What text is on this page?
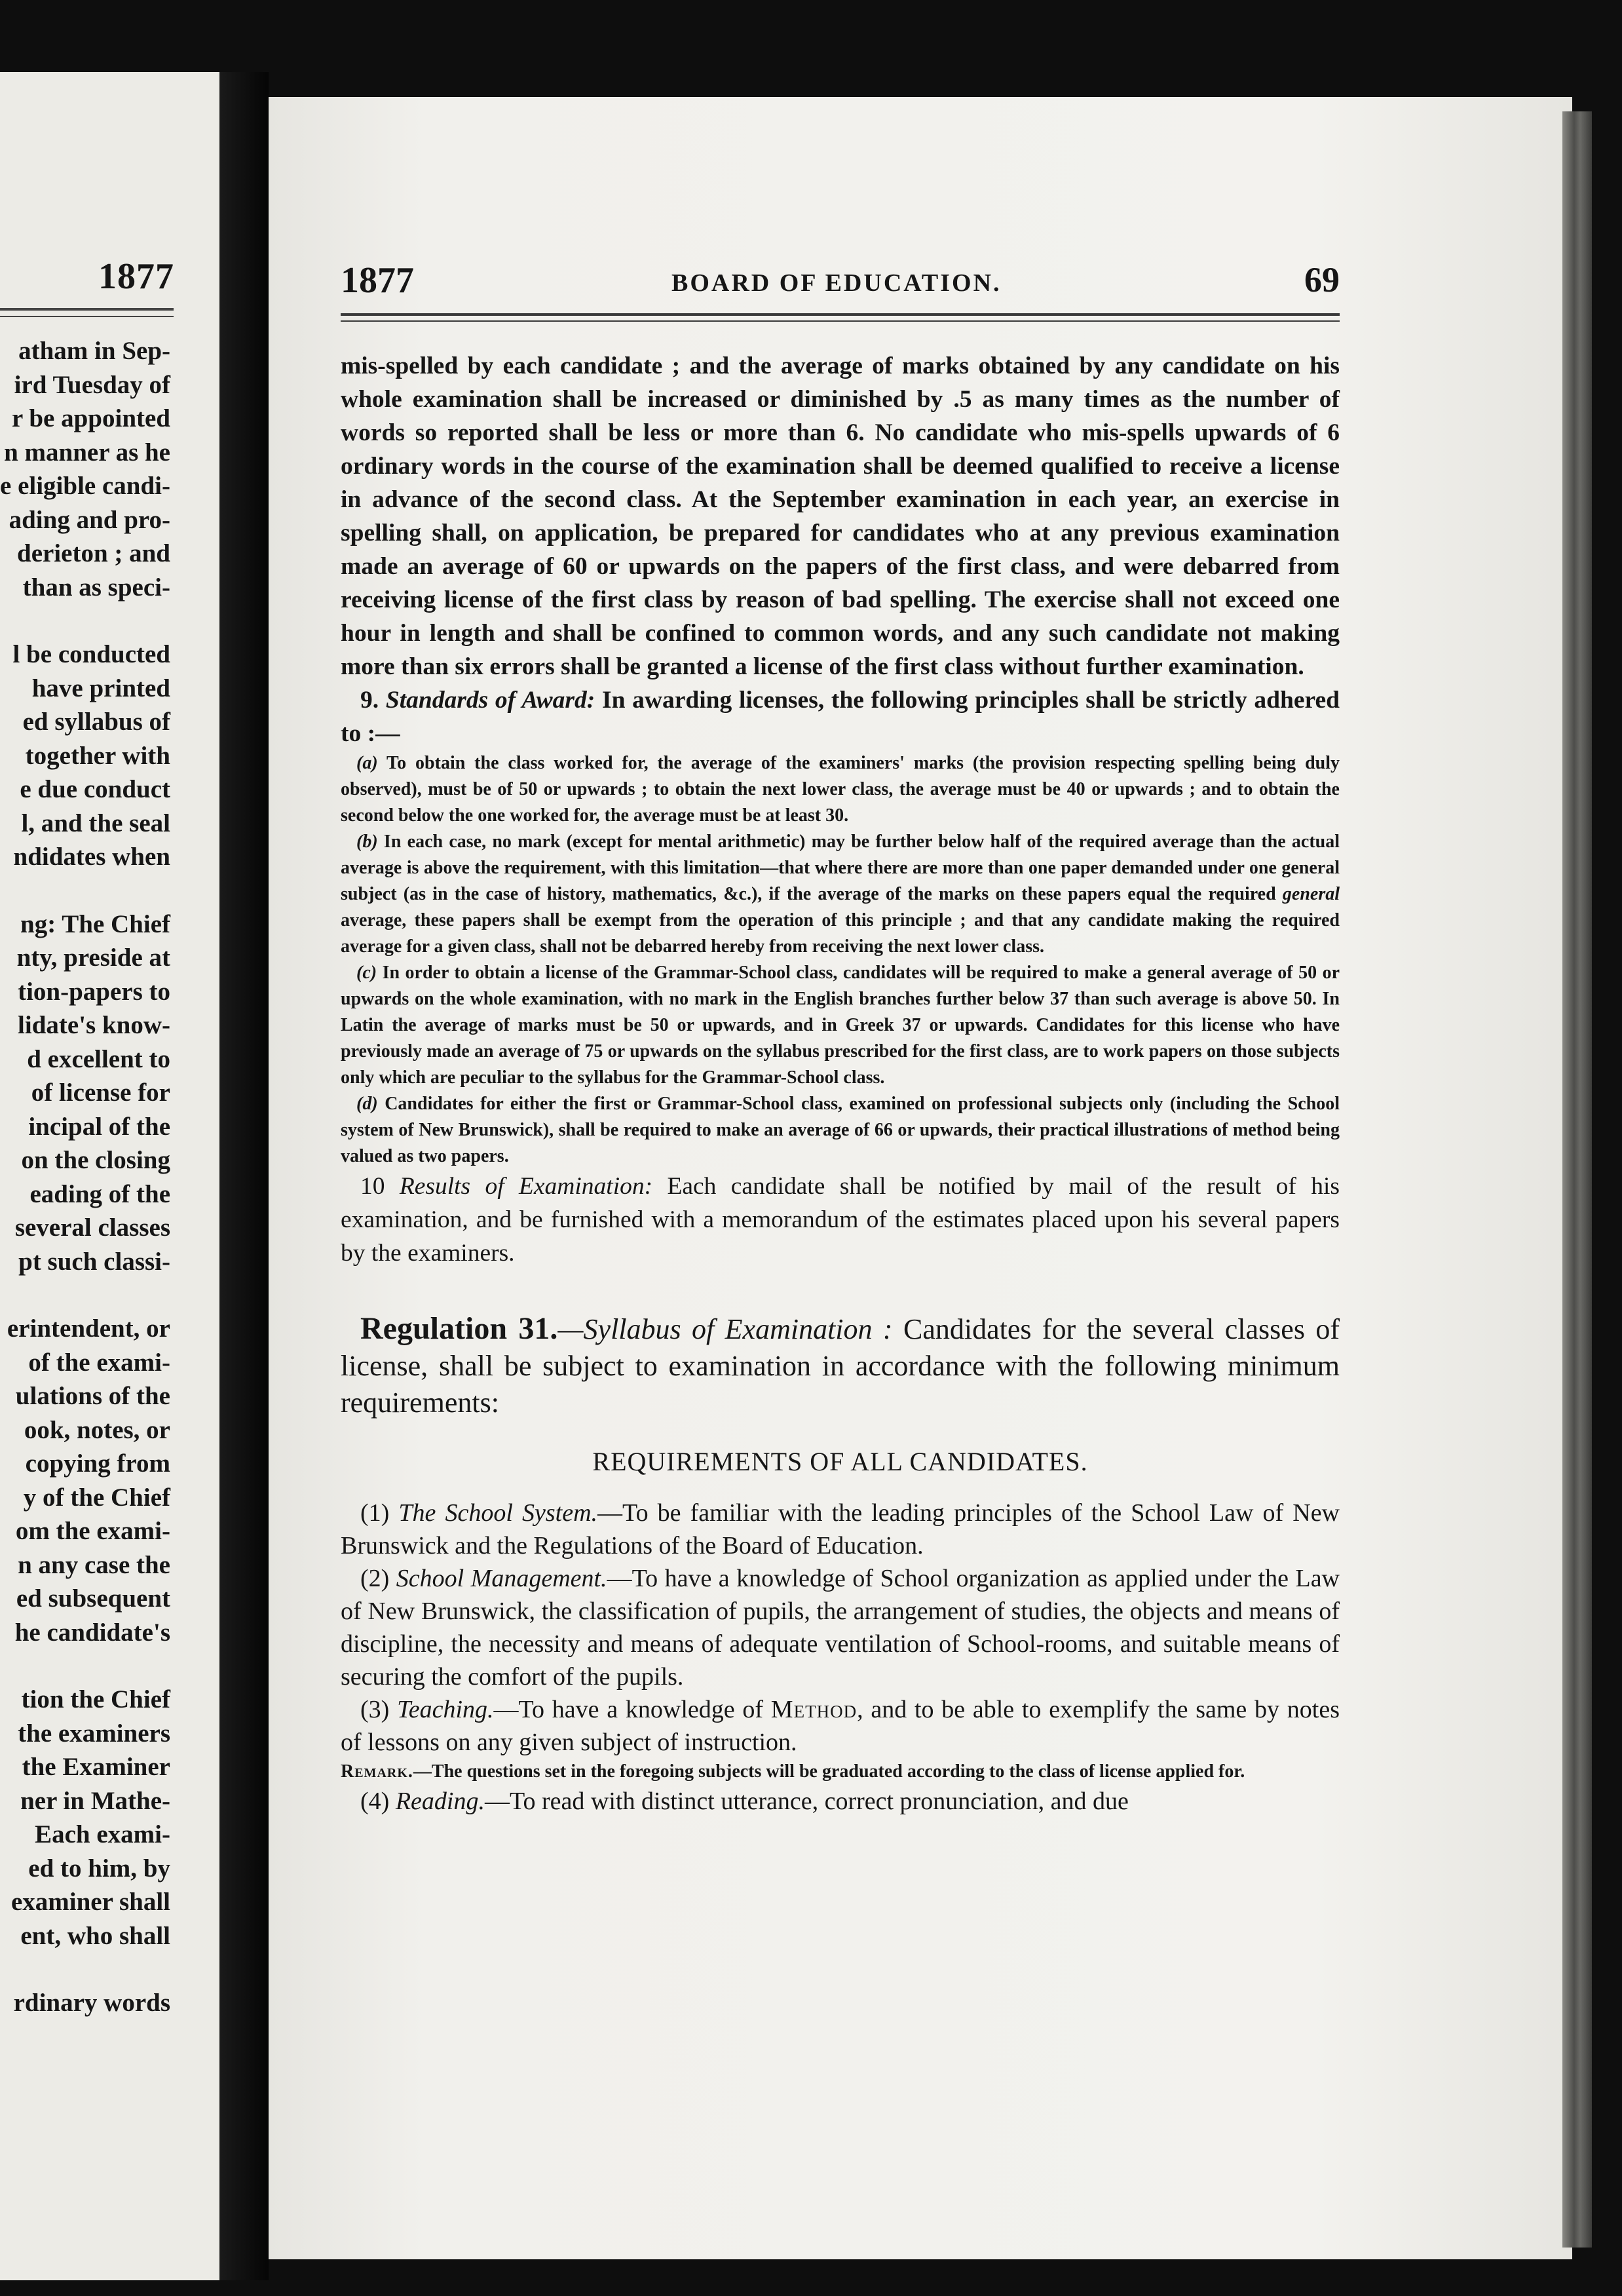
1877
atham in Sep-
ird Tuesday of
r be appointed
n manner as he
e eligible candi-
ading and pro-
derieton ; and
than as speci-
l be conducted
have printed
ed syllabus of
together with
e due conduct
l, and the seal
ndidates when
ng: The Chief
nty, preside at
tion-papers to
lidate's know-
d excellent to
of license for
incipal of the
on the closing
eading of the
several classes
pt such classi-
erintendent, or
of the exami-
ulations of the
ook, notes, or
copying from
y of the Chief
om the exami-
n any case the
ed subsequent
he candidate's
tion the Chief
the examiners
the Examiner
ner in Mathe-
Each exami-
ed to him, by
examiner shall
ent, who shall
rdinary words
1877	BOARD OF EDUCATION.	69

mis-spelled by each candidate ; and the average of marks obtained by any candidate on his whole examination shall be increased or diminished by .5 as many times as the number of words so reported shall be less or more than 6. No candidate who mis-spells upwards of 6 ordinary words in the course of the examination shall be deemed qualified to receive a license in advance of the second class. At the September examination in each year, an exercise in spelling shall, on application, be prepared for candidates who at any previous examination made an average of 60 or upwards on the papers of the first class, and were debarred from receiving license of the first class by reason of bad spelling. The exercise shall not exceed one hour in length and shall be confined to common words, and any such candidate not making more than six errors shall be granted a license of the first class without further examination.

9. Standards of Award: In awarding licenses, the following principles shall be strictly adhered to :—

(a) To obtain the class worked for, the average of the examiners' marks (the provision respecting spelling being duly observed), must be of 50 or upwards ; to obtain the next lower class, the average must be 40 or upwards ; and to obtain the second below the one worked for, the average must be at least 30.

(b) In each case, no mark (except for mental arithmetic) may be further below half of the required average than the actual average is above the requirement, with this limitation—that where there are more than one paper demanded under one general subject (as in the case of history, mathematics, &c.), if the average of the marks on these papers equal the required general average, these papers shall be exempt from the operation of this principle ; and that any candidate making the required average for a given class, shall not be debarred hereby from receiving the next lower class.

(c) In order to obtain a license of the Grammar-School class, candidates will be required to make a general average of 50 or upwards on the whole examination, with no mark in the English branches further below 37 than such average is above 50. In Latin the average of marks must be 50 or upwards, and in Greek 37 or upwards. Candidates for this license who have previously made an average of 75 or upwards on the syllabus prescribed for the first class, are to work papers on those subjects only which are peculiar to the syllabus for the Grammar-School class.

(d) Candidates for either the first or Grammar-School class, examined on professional subjects only (including the School system of New Brunswick), shall be required to make an average of 66 or upwards, their practical illustrations of method being valued as two papers.

10 Results of Examination: Each candidate shall be notified by mail of the result of his examination, and be furnished with a memorandum of the estimates placed upon his several papers by the examiners.

Regulation 31.—Syllabus of Examination : Candidates for the several classes of license, shall be subject to examination in accordance with the following minimum requirements:

REQUIREMENTS OF ALL CANDIDATES.

(1) The School System.—To be familiar with the leading principles of the School Law of New Brunswick and the Regulations of the Board of Education.

(2) School Management.—To have a knowledge of School organization as applied under the Law of New Brunswick, the classification of pupils, the arrangement of studies, the objects and means of discipline, the necessity and means of adequate ventilation of School-rooms, and suitable means of securing the comfort of the pupils.

(3) Teaching.—To have a knowledge of Method, and to be able to exemplify the same by notes of lessons on any given subject of instruction.

Remark.—The questions set in the foregoing subjects will be graduated according to the class of license applied for.

(4) Reading.—To read with distinct utterance, correct pronunciation, and due
